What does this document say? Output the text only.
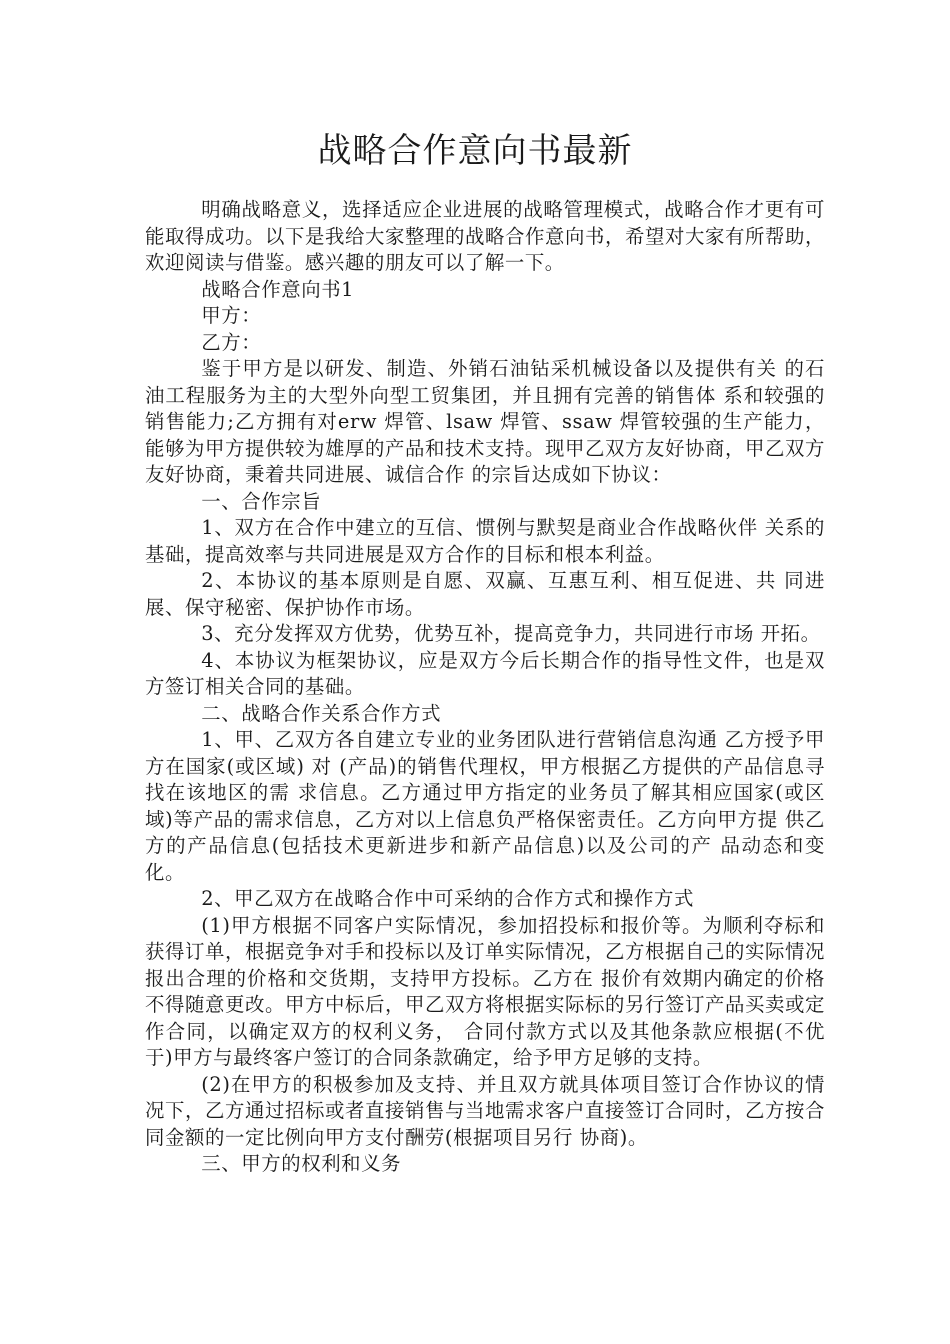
战略合作意向书最新

明确战略意义，选择适应企业进展的战略管理模式，战略合作才更有可能取得成功。以下是我给大家整理的战略合作意向书，希望对大家有所帮助，欢迎阅读与借鉴。感兴趣的朋友可以了解一下。

战略合作意向书1

甲方：

乙方：

鉴于甲方是以研发、制造、外销石油钻采机械设备以及提供有关 的石油工程服务为主的大型外向型工贸集团，并且拥有完善的销售体 系和较强的销售能力;乙方拥有对erw 焊管、lsaw 焊管、ssaw 焊管较强的生产能力，能够为甲方提供较为雄厚的产品和技术支持。现甲乙双方友好协商，甲乙双方友好协商，秉着共同进展、诚信合作 的宗旨达成如下协议：

一、合作宗旨

1、双方在合作中建立的互信、惯例与默契是商业合作战略伙伴 关系的基础，提高效率与共同进展是双方合作的目标和根本利益。

2、本协议的基本原则是自愿、双赢、互惠互利、相互促进、共 同进展、保守秘密、保护协作市场。

3、充分发挥双方优势，优势互补，提高竞争力，共同进行市场 开拓。

4、本协议为框架协议，应是双方今后长期合作的指导性文件，也是双方签订相关合同的基础。

二、战略合作关系合作方式

1、甲、乙双方各自建立专业的业务团队进行营销信息沟通 乙方授予甲方在国家(或区域) 对 (产品)的销售代理权，甲方根据乙方提供的产品信息寻找在该地区的需 求信息。乙方通过甲方指定的业务员了解其相应国家(或区域)等产品的需求信息，乙方对以上信息负严格保密责任。乙方向甲方提 供乙方的产品信息(包括技术更新进步和新产品信息)以及公司的产 品动态和变化。

2、甲乙双方在战略合作中可采纳的合作方式和操作方式

(1)甲方根据不同客户实际情况，参加招投标和报价等。为顺利夺标和获得订单，根据竞争对手和投标以及订单实际情况，乙方根据自己的实际情况报出合理的价格和交货期，支持甲方投标。乙方在 报价有效期内确定的价格不得随意更改。甲方中标后，甲乙双方将根据实际标的另行签订产品买卖或定作合同，以确定双方的权利义务， 合同付款方式以及其他条款应根据(不优于)甲方与最终客户签订的合同条款确定，给予甲方足够的支持。

(2)在甲方的积极参加及支持、并且双方就具体项目签订合作协议的情况下，乙方通过招标或者直接销售与当地需求客户直接签订合同时，乙方按合同金额的一定比例向甲方支付酬劳(根据项目另行 协商)。

三、甲方的权利和义务
